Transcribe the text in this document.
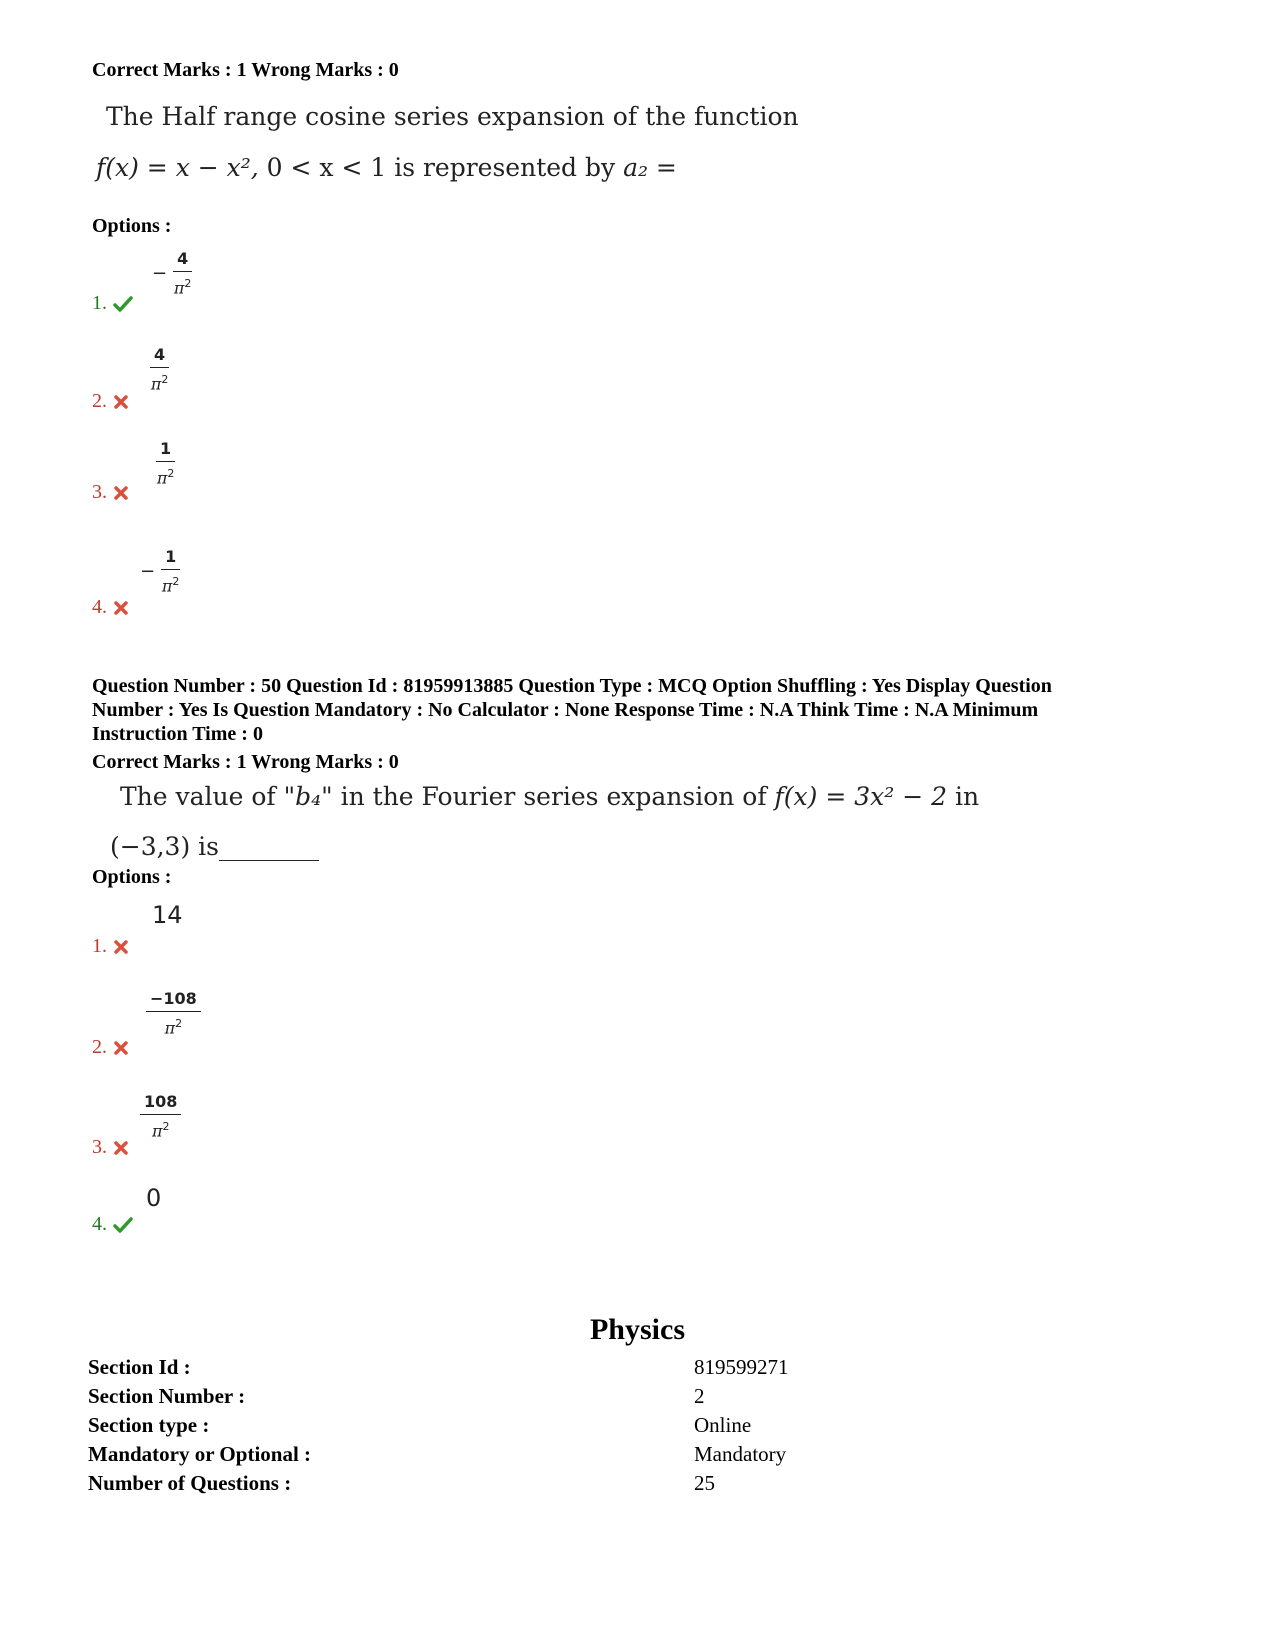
Correct Marks : 1 Wrong Marks : 0
The Half range cosine series expansion of the function
f(x) = x − x², 0 < x < 1 is represented by a₂ =
Options :
− $\frac{4}{\pi^2}$
1.
$\frac{4}{\pi^2}$
2.
$\frac{1}{\pi^2}$
3.
− $\frac{1}{\pi^2}$
4.
Question Number : 50 Question Id : 81959913885 Question Type : MCQ Option Shuffling : Yes Display Question
Number : Yes Is Question Mandatory : No Calculator : None Response Time : N.A Think Time : N.A Minimum
Instruction Time : 0
Correct Marks : 1 Wrong Marks : 0
The value of "b₄" in the Fourier series expansion of f(x) = 3x² − 2 in
(−3,3) is________
Options :
14
1.
$\frac{-108}{\pi^2}$
2.
$\frac{108}{\pi^2}$
3.
0
4.
Physics
Section Id :	819599271
Section Number :	2
Section type :	Online
Mandatory or Optional :	Mandatory
Number of Questions :	25
